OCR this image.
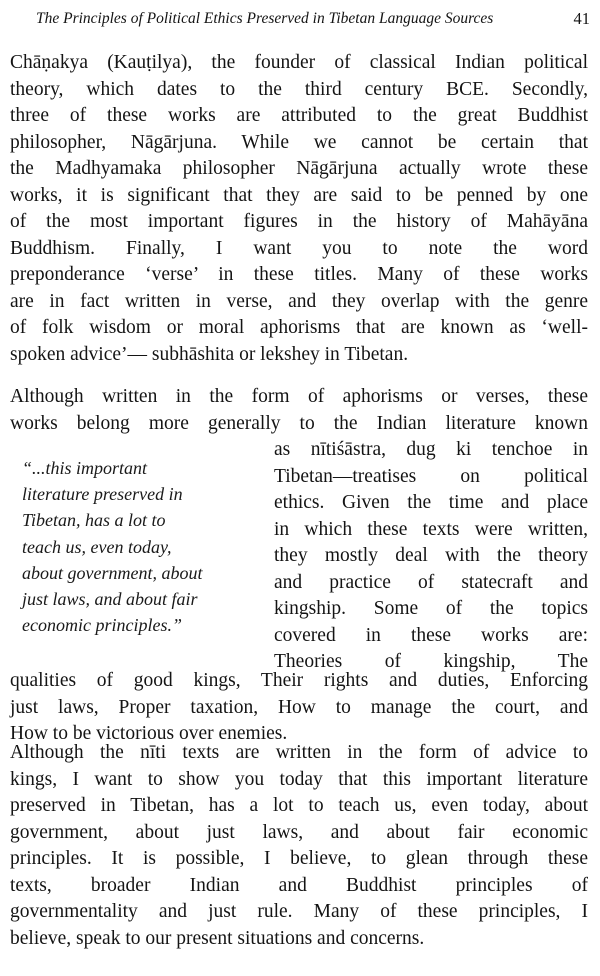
The Principles of Political Ethics Preserved in Tibetan Language Sources	41

Chāṇakya (Kauṭilya), the founder of classical Indian political
theory, which dates to the third century BCE. Secondly,
three of these works are attributed to the great Buddhist
philosopher, Nāgārjuna. While we cannot be certain that
the Madhyamaka philosopher Nāgārjuna actually wrote these
works, it is significant that they are said to be penned by one
of the most important figures in the history of Mahāyāna
Buddhism. Finally, I want you to note the word
preponderance ‘verse’ in these titles. Many of these works
are in fact written in verse, and they overlap with the genre
of folk wisdom or moral aphorisms that are known as ‘well-
spoken advice’— subhāshita or lekshey in Tibetan.

Although written in the form of aphorisms or verses, these
works belong more generally to the Indian literature known

“...this important
literature preserved in
Tibetan, has a lot to
teach us, even today,
about government, about
just laws, and about fair
economic principles.”

as nītiśāstra, dug ki tenchoe in
Tibetan—treatises on political
ethics. Given the time and place
in which these texts were written,
they mostly deal with the theory
and practice of statecraft and
kingship. Some of the topics
covered in these works are:
Theories of kingship, The

qualities of good kings, Their rights and duties, Enforcing
just laws, Proper taxation, How to manage the court, and
How to be victorious over enemies.

Although the nīti texts are written in the form of advice to
kings, I want to show you today that this important literature
preserved in Tibetan, has a lot to teach us, even today, about
government, about just laws, and about fair economic
principles. It is possible, I believe, to glean through these
texts, broader Indian and Buddhist principles of
governmentality and just rule. Many of these principles, I
believe, speak to our present situations and concerns.
